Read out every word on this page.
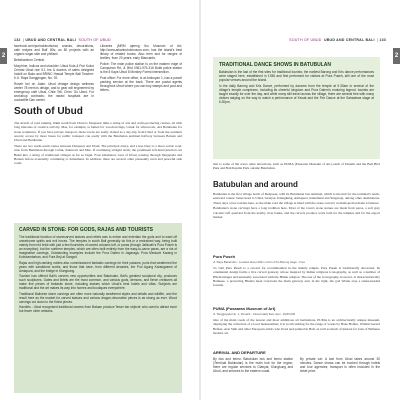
132  | UBUD AND CENTRAL BALI SOUTH OF UBUD
2

facebook.com/puriraiuburkukai; snacks, decorations, cafe recipes and Bali' 80s; an 80 projects with an organic sugar side and phillard.

Bebekambon Central.

Morphine, Indicos and shoulder; Ubud Kula & Puri Kokoi Central Ubud rice 5.1 hrs & dozens of cafes designed Indulli on Bako and BRINC Hawaii Temple Bali Teacher: 6 Jl. Raya Sanggingan; No. 92.

Roseh bel on Jalan: Ubud vintage design wellness center 78 ment is design, and to gear will engineered by emergency café Ubud, Chile Tell, Chim: Go Ubud. For workshop contracts; the raised hospitals are in cookedlife Dan center.

Libraries (MRM ajeeng Ibu Museum of Art; http://www.arkanbubulmusum.com; has the island's best library of related books. Also teen and for ranges of textiles, from 20 years; early Blancards.

Police: The main police station is on the eastern edge of Campuhan Rd, Jl. Bhd 0361-975-316 Bukit police station is the 8 Kaya Ubud 8 Monkey Forest intersection.

Post office: For more office, is at Ambuyan 1, has a parcel packing service at the back. There are postal agents throughout Ubud where you can buy stamps and post and letters.

South of Ubud

The stretch of road running 10km south from Ubud to Denpasar links a string of arts and crafts-producing centres, all with long histories of creative activity. Mas, for example, is famed for woodcarvings, Celuk for silverwork, and Batubulan for stone sculptures. If you have private transport, these towns are easily visited as a day-trip from Ubud or from the southern resorts; access by more buses for public transport can easily with the Batubulan terminal halfway between Batuan and Ubud and Batubulan.

There are two north-south routes between Denpasar and Ubud. The principal artery, and a less busy to a more scenic road, runs from Batubulan through Celuk, Sukawati and Mas. If continuing straight north, the prominent left-hand junction out Bukit kiri, a string of traditional villages as far as Tegal. Four kilometres west of Ubud, passing through Singapadu and Batuan before eventually continuing to Kintamani. In addition, there are several other pleasantly rural and peaceful side roads.

CARVED IN STONE: FOR GODS, RAJAS AND TOURISTS

The traditional function of stonecarved statues and reliefs was to entice and entertain the gods and to ward off unwelcome spirits and evil forces. The temples in south Bali generally do this in a restrained way, being built mainly from red brick with just a few flourishes of carved volcanic tuff, or paras (though Jatiluwih's Pura Puseh is an exception); but the northern temples, which are often built entirely from the easy-to-carve paras, are a riot of imaginative carvings. Outstanding examples include the Pura Dalem in Jagaraga, Pura Meduwe Karang in Kubutambahan, and Pura Beji at Sangsit.

Rajas and high-ranking nobles also commissioned fantastic carvings for their palaces; puris that weathered the years with sandstone works; and those that have, from different decades, the Puri Agung Karangasem of Amlapura, and the bridge in Klungkung.

Tourism has offered Bali's carvers new opportunities and Batubulan, Bali's greatest sculptural city, produces such sculptures. Gates and lintels are the most common, and various gods, demons, and fierce creatures all make fine pieces of fantastic stone, including statues which Ubud's best hotels and villas. Subjects are traditional and the art makes its way into homes and boutiques everywhere.

Traditional Balinese stone carvings are often more naturally weathered styles and details and wildlife, and the result here as the market for carved statues and various dragon-decorative pieces is as strong as ever. Wood carvings cut down to the finest pieces.

Handles - Ubud recognised traditional carvers from Batuan produce 'fewer bar objects' who used to attract more but fewer other artisans.

SOUTH OF UBUD UBUD AND CENTRAL BALI  | 133
2
TRADITIONAL DANCE SHOWS IN BATUBULAN

Batubulan is the last of the first sites for traditional tourists; the earliest Barong and Kris dance performances were staged here, established in 1936 and first performed for visitors at Pura Puseh, still one of the most popular venues around the island.

In the daily Barong and Kris Dance, performed by dancers from the temple at 9.30am in several of the village's temple complexes, including its cheerful kingdom and Pura Dalem's enduring legend, tourists are taught exactly for over the day, and while many still travel across the village, there are several free with many visitors staying on the way to watch a performance of Kecak and the Fire Dance at the Sahadewa stage at 6.30pm.

that to some of the area's other attractions, such as PUMA (Pusaaran Museum of Art) south of Penatih and the Bali Bird Park and Bali Reptile Park outside Batubulan.
Batubulan and around

Batubulan is the first village north of Denpasar, with its Batubulan bus terminal, which is the hub for the terminal's north-eastward routes: buses head to Ubud, Gianyar, Klungkung, Amlapura, Kintamani and Singaraja, among other destinations. These days a few tourists here, as the main road the village is lined with the stone-carvers' workshops that made it famous.

Batubulan's stone carvings have a long tradition here. Most of the town's stone statues are made from paras, a soft grey volcanic tuff quarried from the nearby river banks, and the carvers produce work both for the temples and for the export market.

Pura Puseh
Jl. Raya Batubulan - Located about 200m north of the Barong stage - Free

To visit Pura Puseh is a reward for recommended in the mainly temple. Pura Puseh is traditionally decorated. Its ornamental design forms a live carved gateway whose inspired by Indian religious iconography, as well as a number of Hindu images and unusually associated with the Hindu religion. The rest of the iconography, however, is characteristically Balinese, a protecting Bhoma head overlooks the main gateway and, in the right, the god Wisnu atop a snake-headed Garuda.

PUMA (Pusaaran Museum of Art)
Jl. Tanggayuda No. 1, Penatih - Closed daily 9am-4pm - Rp50,000

One of the main roads of the newest and most ambitious art institutions, PUMA is an architecturally unique museum, displaying the collection of a local businessman; it is worth visiting for the range of works by Hans Hofker, Willem Gerard Hofker, Arie Smit and other European artists who lived and painted in Bali, as well as much of interest for fans of Balinese modern art.

ARRIVAL AND DEPARTURE
By bus and bemo: Batubulan bus and bemo station (Terminal Batubulan) is the main hub for the region; there are regular services to Gianyar, Klungkung and Ubud, and services to the eastern coast.
By private car: A taxi from Ubud takes around 30 minutes. Dance shows can be booked through hotels and tour agencies; transport is often included in the ticket price.
